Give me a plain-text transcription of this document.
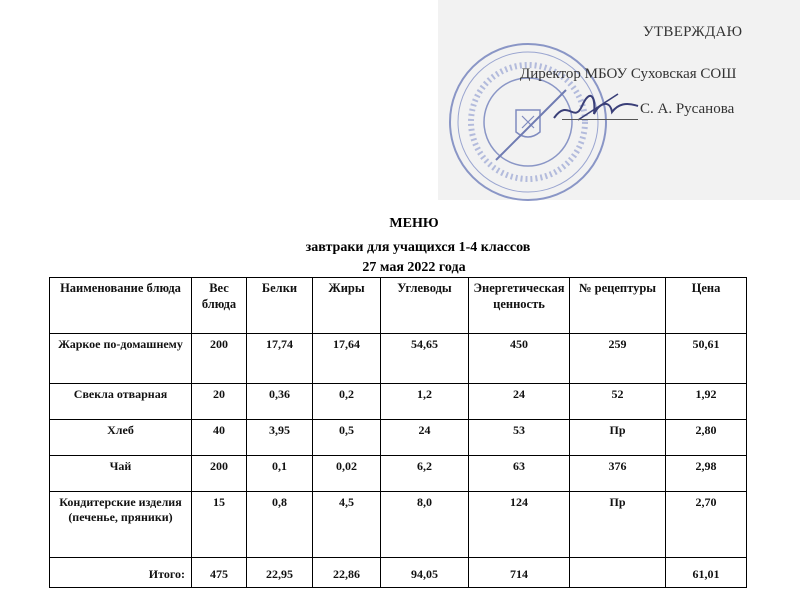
УТВЕРЖДАЮ
Директор МБОУ Суховская СОШ
С. А. Русанова
МЕНЮ
завтраки для учащихся 1-4 классов
27 мая 2022 года
Наименование блюда	Вес блюда	Белки	Жиры	Углеводы	Энергетическая ценность	№ рецептуры	Цена
Жаркое по-домашнему	200	17,74	17,64	54,65	450	259	50,61
Свекла отварная	20	0,36	0,2	1,2	24	52	1,92
Хлеб	40	3,95	0,5	24	53	Пр	2,80
Чай	200	0,1	0,02	6,2	63	376	2,98
Кондитерские изделия (печенье, пряники)	15	0,8	4,5	8,0	124	Пр	2,70
Итого:	475	22,95	22,86	94,05	714		61,01
